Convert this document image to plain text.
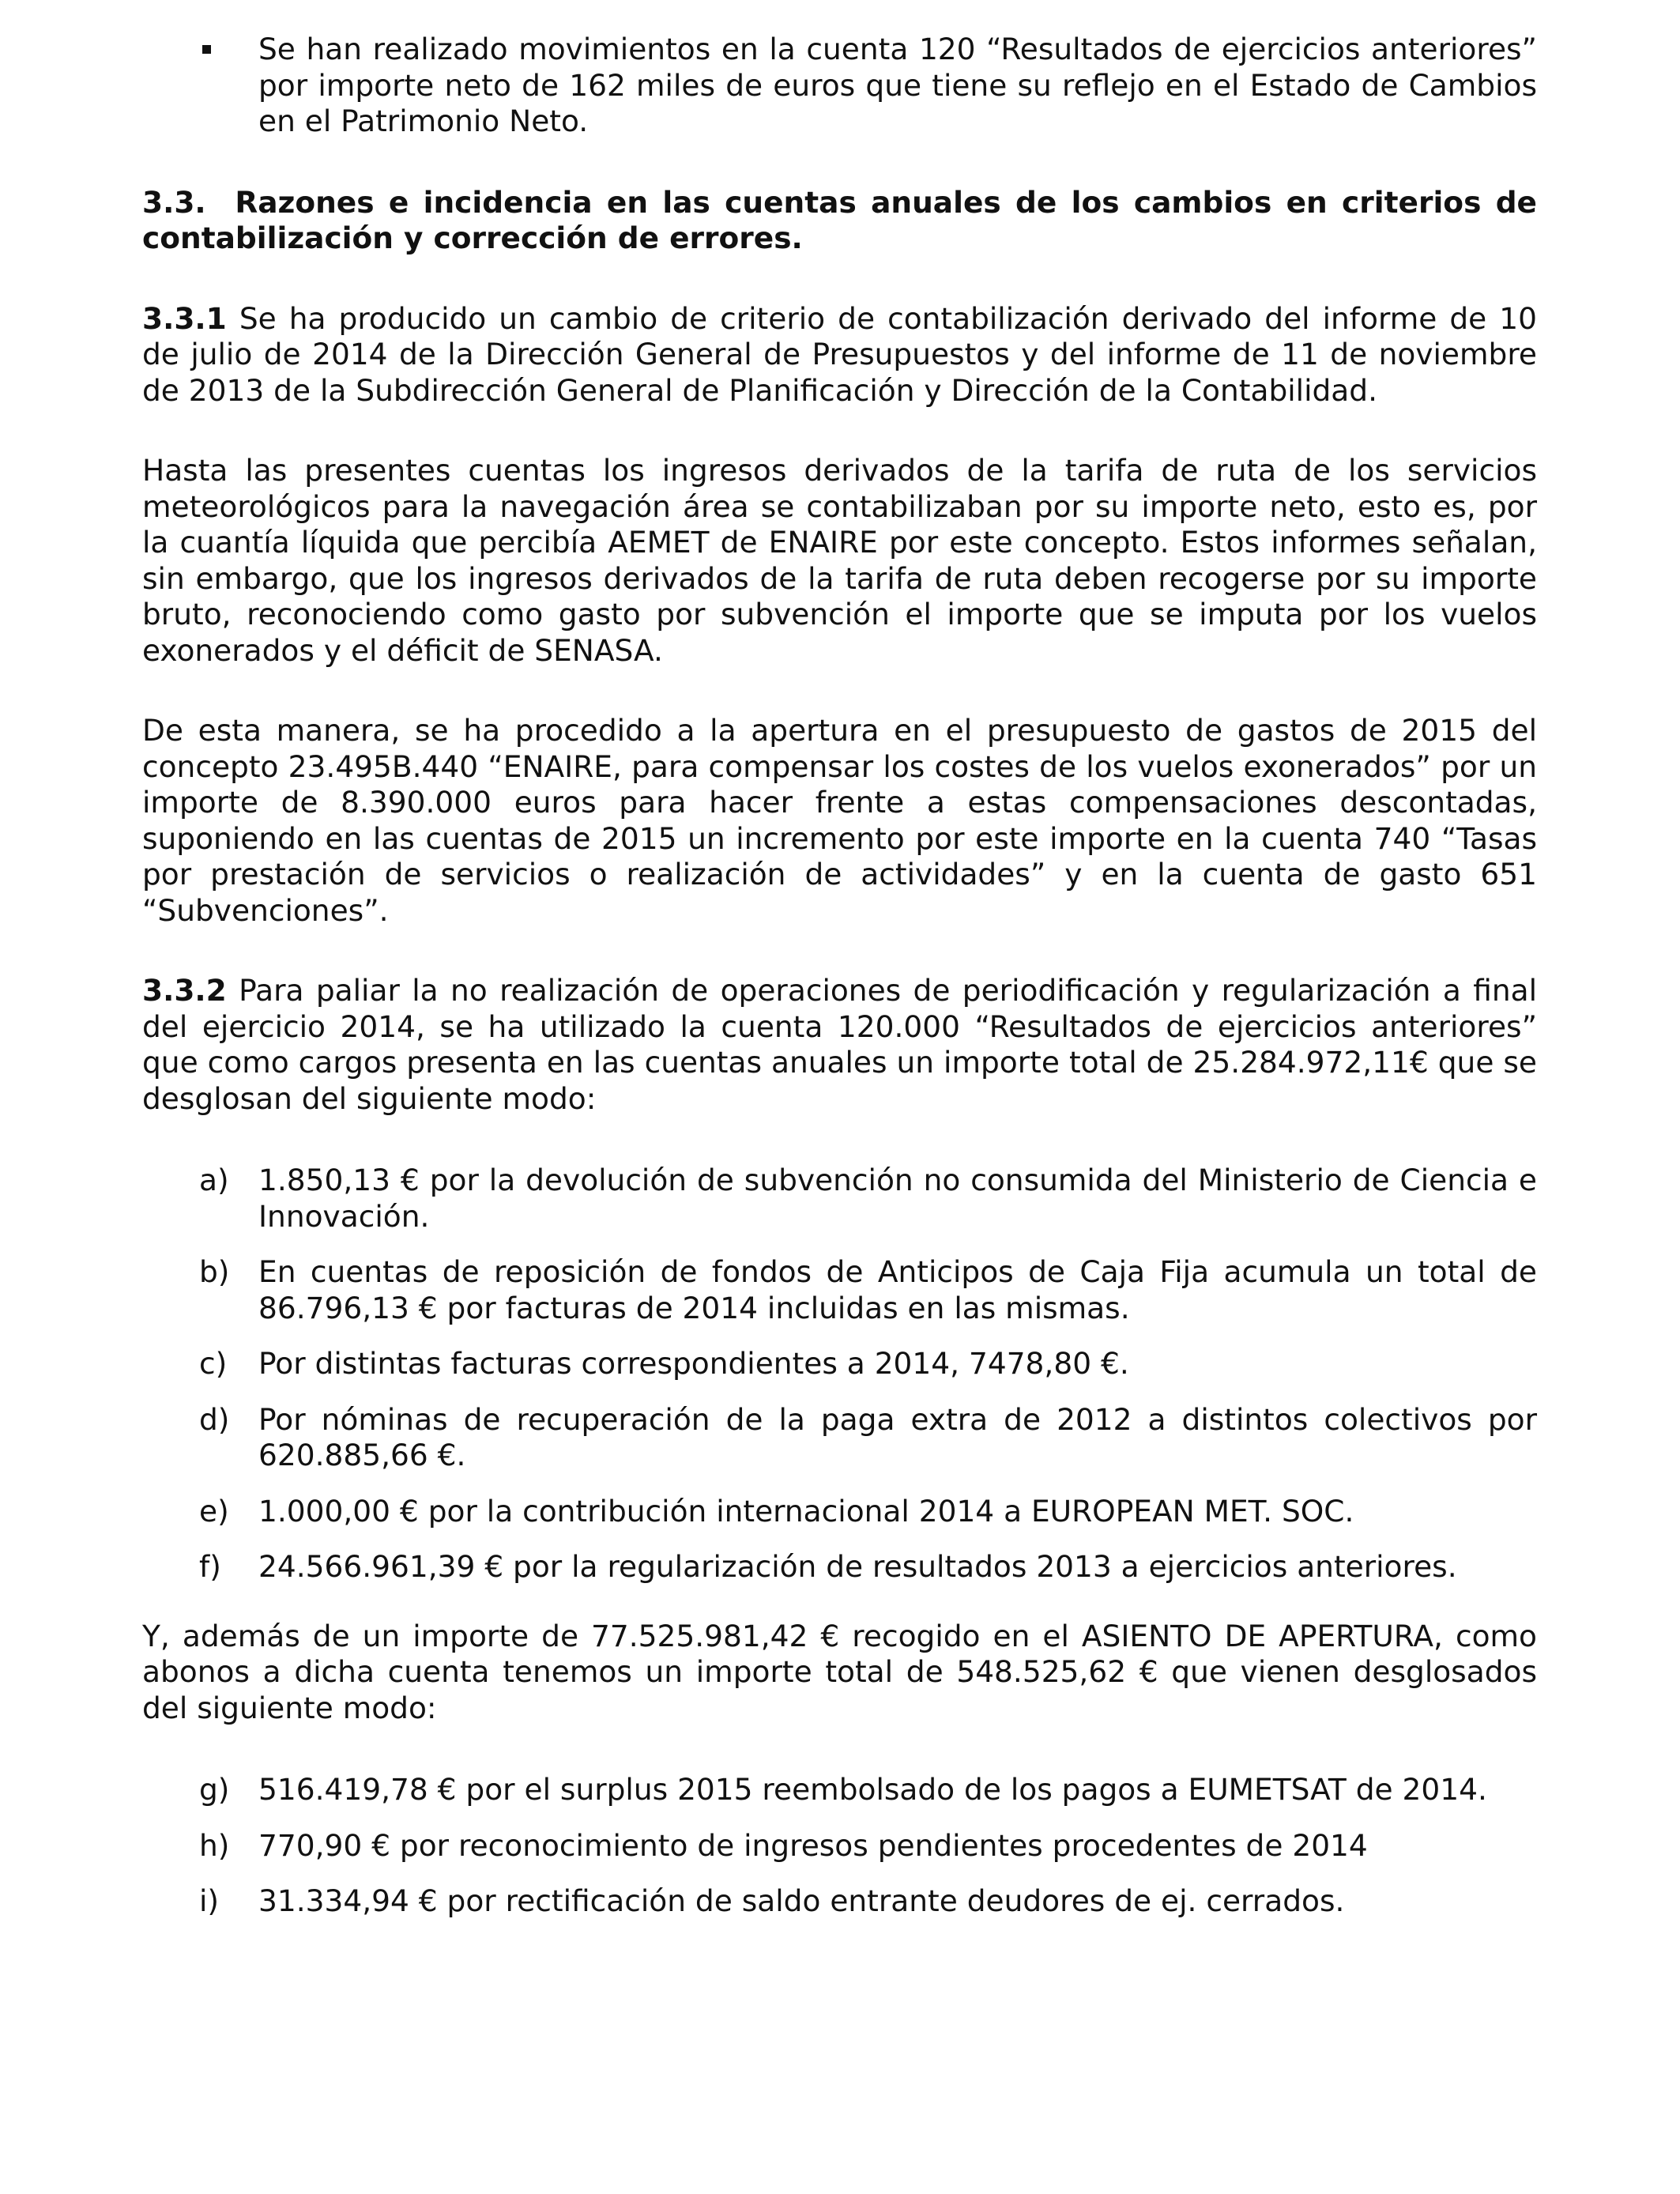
Se han realizado movimientos en la cuenta 120 “Resultados de ejercicios anteriores” por importe neto de 162 miles de euros que tiene su reflejo en el Estado de Cambios en el Patrimonio Neto.

3.3. Razones e incidencia en las cuentas anuales de los cambios en criterios de contabilización y corrección de errores.

3.3.1 Se ha producido un cambio de criterio de contabilización derivado del informe de 10 de julio de 2014 de la Dirección General de Presupuestos y del informe de 11 de noviembre de 2013 de la Subdirección General de Planificación y Dirección de la Contabilidad.

Hasta las presentes cuentas los ingresos derivados de la tarifa de ruta de los servicios meteorológicos para la navegación área se contabilizaban por su importe neto, esto es, por la cuantía líquida que percibía AEMET de ENAIRE por este concepto. Estos informes señalan, sin embargo, que los ingresos derivados de la tarifa de ruta deben recogerse por su importe bruto, reconociendo como gasto por subvención el importe que se imputa por los vuelos exonerados y el déficit de SENASA.

De esta manera, se ha procedido a la apertura en el presupuesto de gastos de 2015 del concepto 23.495B.440 “ENAIRE, para compensar los costes de los vuelos exonerados” por un importe de 8.390.000 euros para hacer frente a estas compensaciones descontadas, suponiendo en las cuentas de 2015 un incremento por este importe en la cuenta 740 “Tasas por prestación de servicios o realización de actividades” y en la cuenta de gasto 651 “Subvenciones”.

3.3.2 Para paliar la no realización de operaciones de periodificación y regularización a final del ejercicio 2014, se ha utilizado la cuenta 120.000 “Resultados de ejercicios anteriores” que como cargos presenta en las cuentas anuales un importe total de 25.284.972,11€ que se desglosan del siguiente modo:

a) 1.850,13 € por la devolución de subvención no consumida del Ministerio de Ciencia e Innovación.
b) En cuentas de reposición de fondos de Anticipos de Caja Fija acumula un total de 86.796,13 € por facturas de 2014 incluidas en las mismas.
c) Por distintas facturas correspondientes a 2014, 7478,80 €.
d) Por nóminas de recuperación de la paga extra de 2012 a distintos colectivos por 620.885,66 €.
e) 1.000,00 € por la contribución internacional 2014 a EUROPEAN MET. SOC.
f) 24.566.961,39 € por la regularización de resultados 2013 a ejercicios anteriores.

Y, además de un importe de 77.525.981,42 € recogido en el ASIENTO DE APERTURA, como abonos a dicha cuenta tenemos un importe total de 548.525,62 € que vienen desglosados del siguiente modo:

g) 516.419,78 € por el surplus 2015 reembolsado de los pagos a EUMETSAT de 2014.
h) 770,90 € por reconocimiento de ingresos pendientes procedentes de 2014
i) 31.334,94 € por rectificación de saldo entrante deudores de ej. cerrados.
